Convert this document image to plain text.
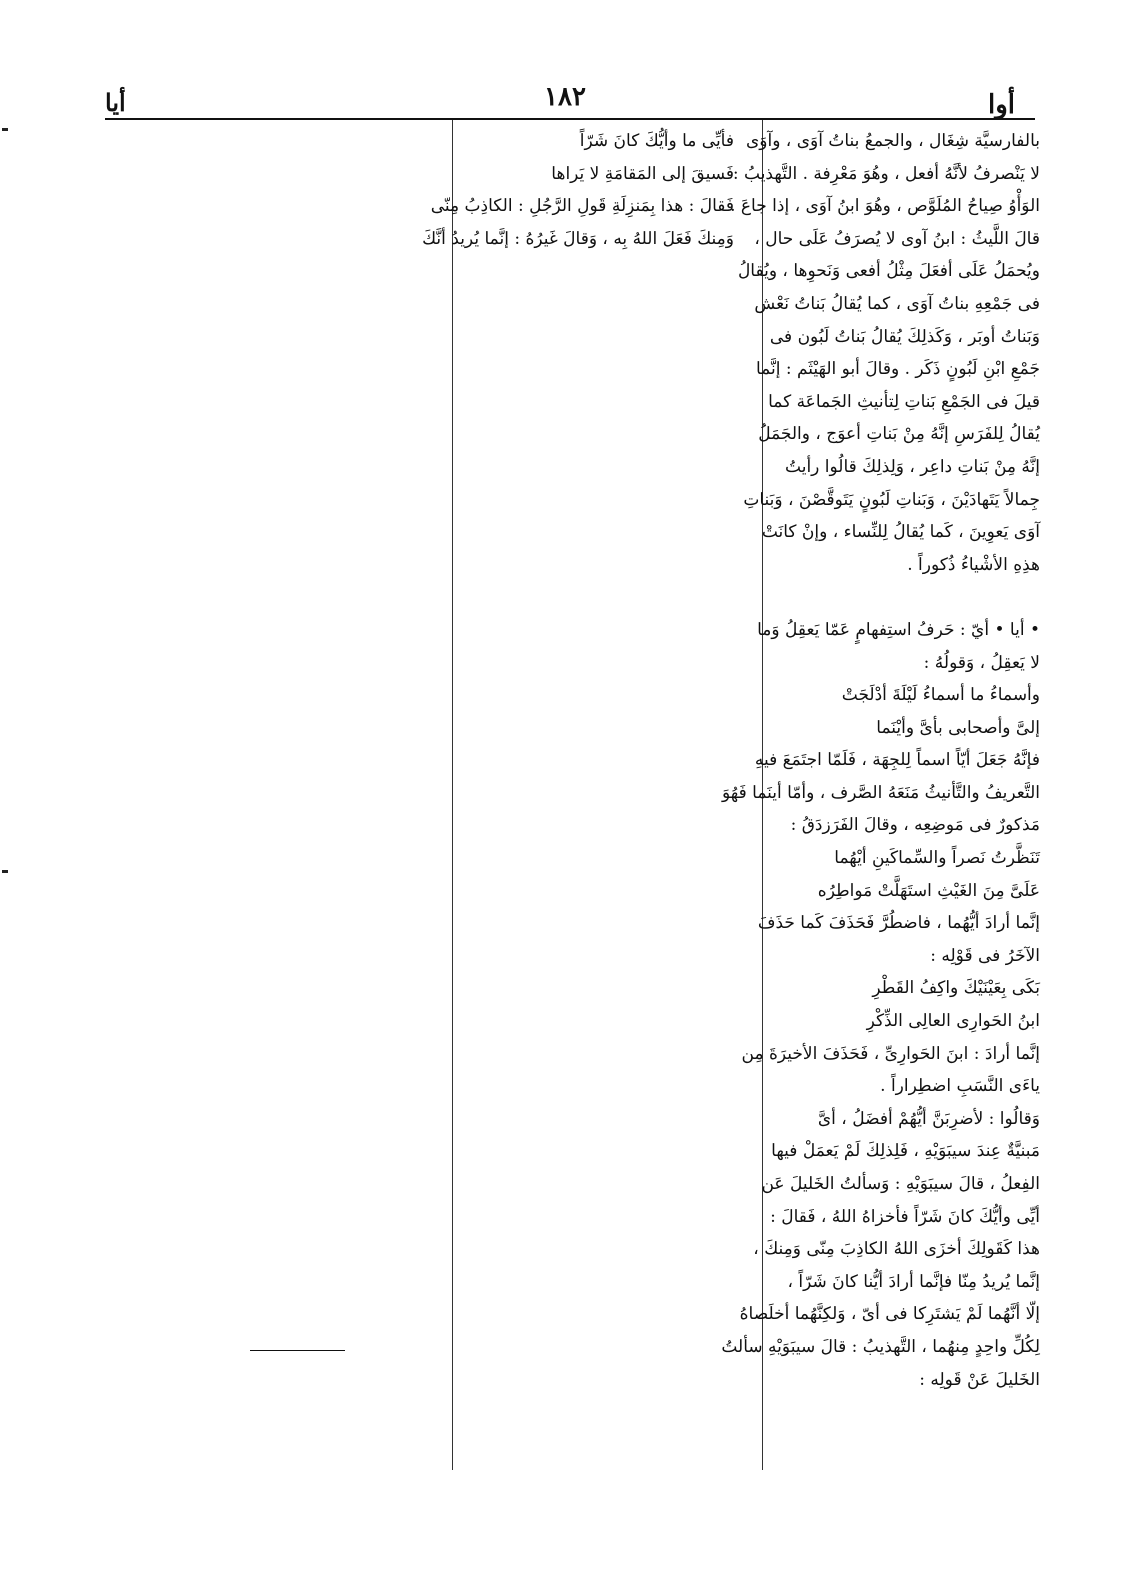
أوا
١٨٢
أيا
بالفارسيَّة شِغَال ، والجمعُ بناتُ آوَى ، وآوَى
لا يَنْصرفُ لأنَّهُ أفعل ، وهُوَ مَعْرِفة . التَّهذيبُ :
الوَأْوُ صِياحُ المُلَوَّص ، وهُوَ ابنُ آوَى ، إذا جاعَ .
قالَ اللَّيثُ : ابنُ آوى لا يُصرَفُ عَلَى حال ،
ويُحمَلُ عَلَى أفعَلَ مِثْلُ أفعى وَنَحوِها ، ويُقالُ
فى جَمْعِهِ بناتُ آوَى ، كما يُقالُ بَناتُ نَعْش
وَبَناتُ أوبَر ، وَكَذلِكَ يُقالُ بَناتُ لَبُون فى
جَمْعِ ابْنِ لَبُونٍ ذَكَر . وقالَ أبو الهَيْثَم : إنَّما
قيلَ فى الجَمْعِ بَناتِ لِتأنيثِ الجَماعَة كما
يُقالُ لِلفَرَسِ إنَّهُ مِنْ بَناتِ أعوَج ، والجَمَلُ
إنَّهُ مِنْ بَناتِ داعِر ، وَلِذلِكَ قالُوا رأيتُ
جِمالاً يَتَهادَيْنَ ، وَبَناتِ لَبُونٍ يَتَوقَّصْنَ ، وَبَناتِ
آوَى يَعوِينَ ، كَما يُقالُ لِلنِّساء ، وإنْ كانَتْ
هذِهِ الأشْياءُ ذُكوراً .
• أيا • أيّ : حَرفُ استِفهامٍ عَمّا يَعقِلُ وَما
لا يَعقِلُ ، وَقولُهُ :
وأسماءُ ما أسماءُ لَيْلَةَ أدْلَجَتْ
إلىَّ وأصحابى بأىَّ وأيْنَما
فإنَّهُ جَعَلَ أيّاً اسماً لِلجِهَة ، فَلَمّا اجتَمَعَ فيهِ
التَّعريفُ والتَّأنيثُ مَنَعَهُ الصَّرف ، وأمّا أينَما فَهُوَ
مَذكورٌ فى مَوضِعِه ، وقالَ الفَرَزدَقُ :
تَنَظَّرتُ نَصراً والسِّماكَينِ أيْهُما
عَلَىَّ مِنَ الغَيْثِ استَهَلَّتْ مَواطِرُه
إنَّما أرادَ أيُّهُما ، فاضطُرَّ فَحَذَفَ كَما حَذَفَ
الآخَرُ فى قَوْلِه :
بَكَى بِعَيْنَيْكَ واكِفُ القَطْرِ
ابنُ الحَوارِى العالِى الذِّكْرِ
إنَّما أرادَ : ابنَ الحَوارِىِّ ، فَحَذَفَ الأخيرَةَ مِن
ياءَى النَّسَبِ اضطِراراً .
وَقالُوا : لأضرِبَنَّ أيُّهُمْ أفضَلُ ، أىَّ
مَبنيَّةٌ عِندَ سيبَوَيْهِ ، فَلِذلِكَ لَمْ يَعمَلْ فيها
الفِعلُ ، قالَ سيبَوَيْهِ : وَسألتُ الخَليلَ عَن
أيِّى وأيُّكَ كانَ شَرّاً فأخزاهُ اللهُ ، فَقالَ :
هذا كَقَولِكَ أخزَى اللهُ الكاذِبَ مِنّى وَمِنكَ ،
إنَّما يُريدُ مِنّا فإنَّما أرادَ أيُّنا كانَ شَرّاً ،
إلّا أنَّهُما لَمْ يَشتَرِكا فى أىّ ، وَلكِنَّهُما أخلَصاهُ
لِكُلِّ واحِدٍ مِنهُما ، التَّهذيبُ : قالَ سيبَوَيْهِ سألتُ
الخَليلَ عَنْ قَولِه :
فأيِّى ما وأيُّكَ كانَ شَرّاً
فَسيقَ إلى المَقامَةِ لا يَراها
فَقالَ : هذا بِمَنزِلَةِ قَولِ الرَّجُلِ : الكاذِبُ مِنّى
وَمِنكَ فَعَلَ اللهُ بِه ، وَقالَ غَيرُهُ : إنَّما يُريدُ أنَّكَ
